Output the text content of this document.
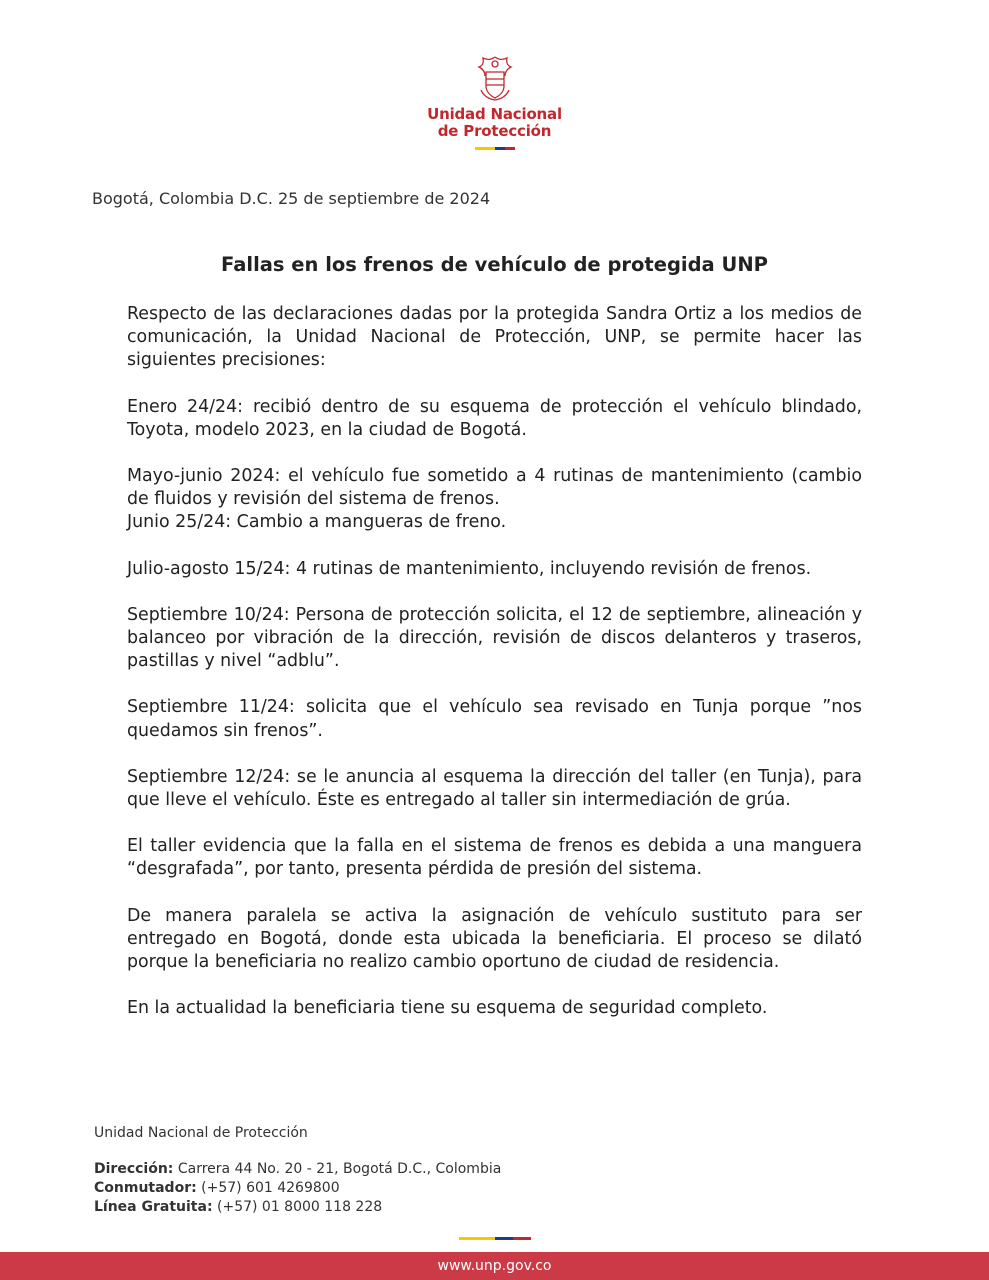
Unidad Nacional
de Protección
Bogotá, Colombia D.C. 25 de septiembre de 2024
Fallas en los frenos de vehículo de protegida UNP

Respecto de las declaraciones dadas por la protegida Sandra Ortiz a los medios de comunicación, la Unidad Nacional de Protección, UNP, se permite hacer las siguientes precisiones:

Enero 24/24: recibió dentro de su esquema de protección el vehículo blindado, Toyota, modelo 2023, en la ciudad de Bogotá.

Mayo-junio 2024: el vehículo fue sometido a 4 rutinas de mantenimiento (cambio de fluidos y revisión del sistema de frenos.
Junio 25/24: Cambio a mangueras de freno.

Julio-agosto 15/24: 4 rutinas de mantenimiento, incluyendo revisión de frenos.

Septiembre 10/24: Persona de protección solicita, el 12 de septiembre, alineación y balanceo por vibración de la dirección, revisión de discos delanteros y traseros, pastillas y nivel “adblu”.

Septiembre 11/24: solicita que el vehículo sea revisado en Tunja porque ”nos quedamos sin frenos”.

Septiembre 12/24: se le anuncia al esquema la dirección del taller (en Tunja), para que lleve el vehículo. Éste es entregado al taller sin intermediación de grúa.

El taller evidencia que la falla en el sistema de frenos es debida a una manguera “desgrafada”, por tanto, presenta pérdida de presión del sistema.

De manera paralela se activa la asignación de vehículo sustituto para ser entregado en Bogotá, donde esta ubicada la beneficiaria. El proceso se dilató porque la beneficiaria no realizo cambio oportuno de ciudad de residencia.

En la actualidad la beneficiaria tiene su esquema de seguridad completo.

Unidad Nacional de Protección

Dirección: Carrera 44 No. 20 - 21, Bogotá D.C., Colombia

Conmutador: (+57) 601 4269800

Línea Gratuita: (+57) 01 8000 118 228

www.unp.gov.co
